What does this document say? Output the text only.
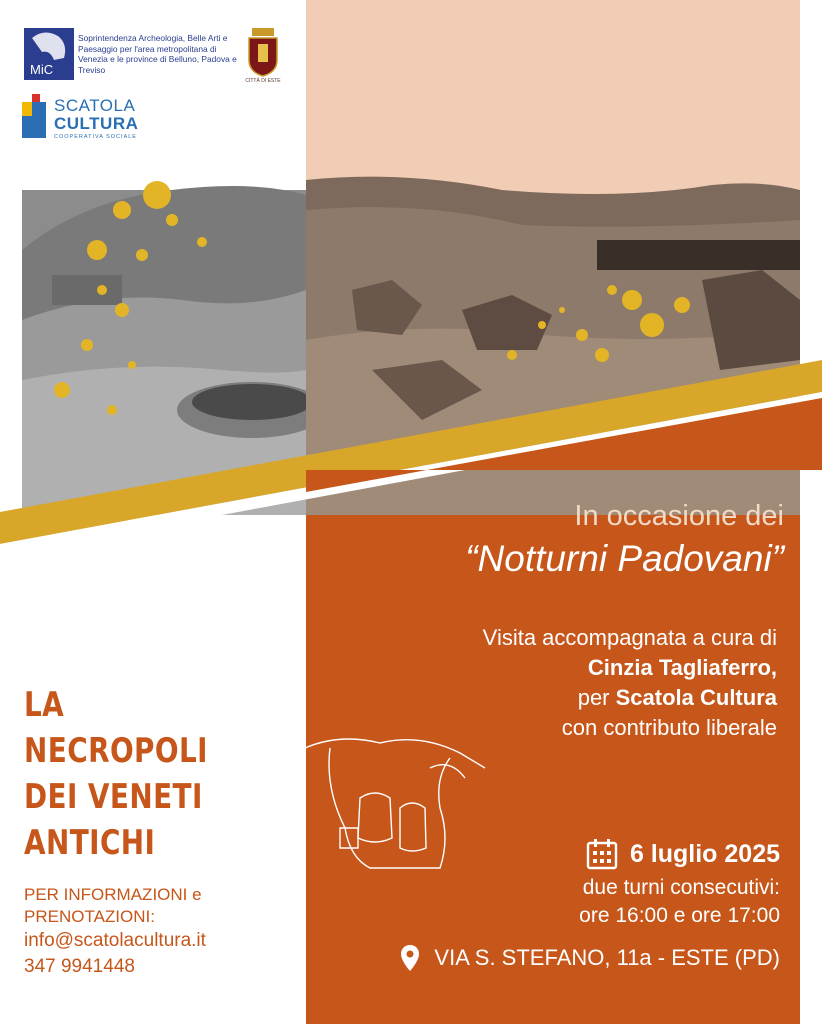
MiC
Soprintendenza Archeologia, Belle Arti e Paesaggio per l'area metropolitana di Venezia e le province di Belluno, Padova e Treviso
CITTÀ DI ESTE
SCATOLA
CULTURA
COOPERATIVA SOCIALE
In occasione dei
“Notturni Padovani”
Visita accompagnata a cura di
Cinzia Tagliaferro,
per Scatola Cultura
con contributo liberale
LA NECROPOLI
DEI VENETI
ANTICHI
PER INFORMAZIONI e
PRENOTAZIONI:
info@scatolacultura.it
347 9941448
6 luglio 2025
due turni consecutivi:
ore 16:00 e ore 17:00
VIA S. STEFANO, 11a - ESTE (PD)
